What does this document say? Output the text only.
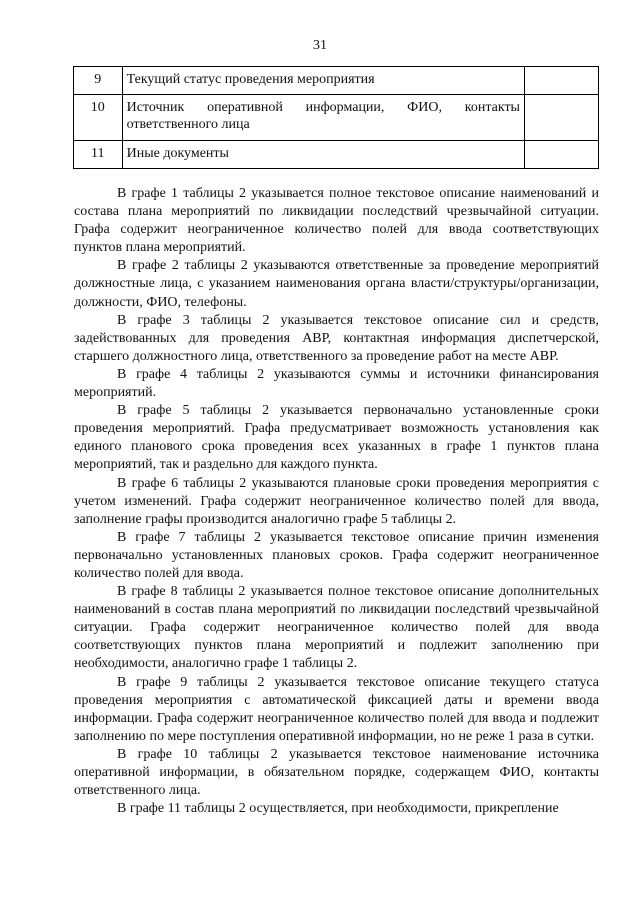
31
9	Текущий статус проведения мероприятия	
10	Источник оперативной информации, ФИО, контакты ответственного лица	
11	Иные документы	

В графе 1 таблицы 2 указывается полное текстовое описание наименований и состава плана мероприятий по ликвидации последствий чрезвычайной ситуации. Графа содержит неограниченное количество полей для ввода соответствующих пунктов плана мероприятий.

В графе 2 таблицы 2 указываются ответственные за проведение мероприятий должностные лица, с указанием наименования органа власти/структуры/организации, должности, ФИО, телефоны.

В графе 3 таблицы 2 указывается текстовое описание сил и средств, задействованных для проведения АВР, контактная информация диспетчерской, старшего должностного лица, ответственного за проведение работ на месте АВР.

В графе 4 таблицы 2 указываются суммы и источники финансирования мероприятий.

В графе 5 таблицы 2 указывается первоначально установленные сроки проведения мероприятий. Графа предусматривает возможность установления как единого планового срока проведения всех указанных в графе 1 пунктов плана мероприятий, так и раздельно для каждого пункта.

В графе 6 таблицы 2 указываются плановые сроки проведения мероприятия с учетом изменений. Графа содержит неограниченное количество полей для ввода, заполнение графы производится аналогично графе 5 таблицы 2.

В графе 7 таблицы 2 указывается текстовое описание причин изменения первоначально установленных плановых сроков. Графа содержит неограниченное количество полей для ввода.

В графе 8 таблицы 2 указывается полное текстовое описание дополнительных наименований в состав плана мероприятий по ликвидации последствий чрезвычайной ситуации. Графа содержит неограниченное количество полей для ввода соответствующих пунктов плана мероприятий и подлежит заполнению при необходимости, аналогично графе 1 таблицы 2.

В графе 9 таблицы 2 указывается текстовое описание текущего статуса проведения мероприятия с автоматической фиксацией даты и времени ввода информации. Графа содержит неограниченное количество полей для ввода и подлежит заполнению по мере поступления оперативной информации, но не реже 1 раза в сутки.

В графе 10 таблицы 2 указывается текстовое наименование источника оперативной информации, в обязательном порядке, содержащем ФИО, контакты ответственного лица.

В графе 11 таблицы 2 осуществляется, при необходимости, прикрепление
